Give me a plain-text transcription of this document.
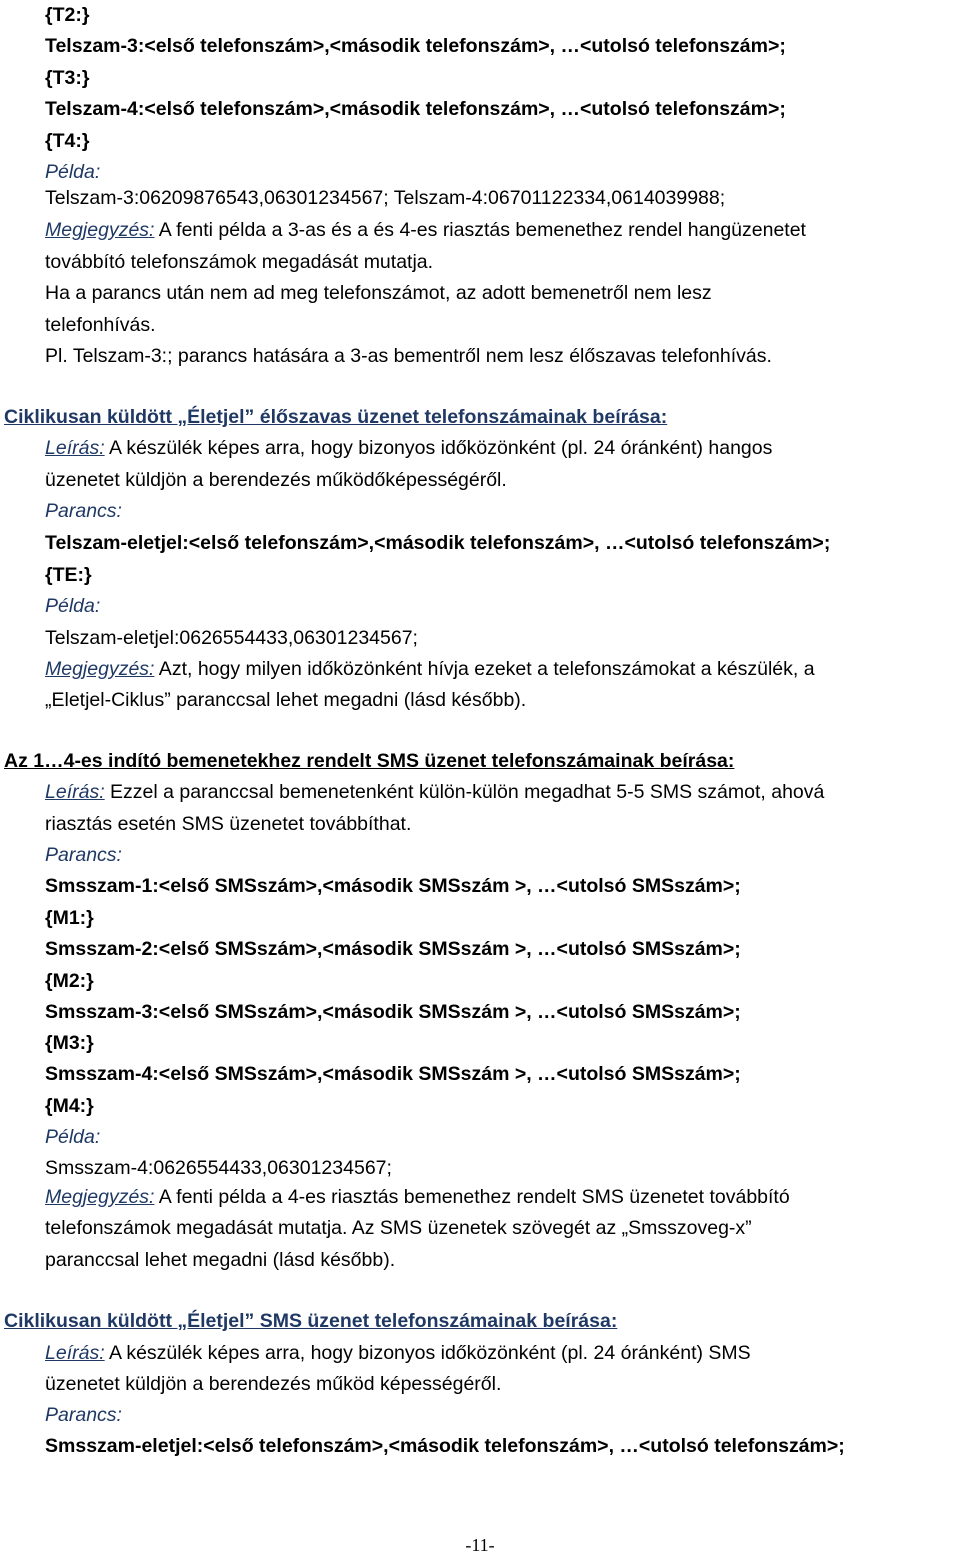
{T2:}
Telszam-3:<első telefonszám>,<második telefonszám>, …<utolsó telefonszám>;
{T3:}
Telszam-4:<első telefonszám>,<második telefonszám>, …<utolsó telefonszám>;
{T4:}
Példa:
Telszam-3:06209876543,06301234567; Telszam-4:06701122334,0614039988;
Megjegyzés: A fenti példa a 3-as és a és 4-es riasztás bemenethez rendel hangüzenetet
továbbító telefonszámok megadását mutatja.
Ha a parancs után nem ad meg telefonszámot, az adott bemenetről nem lesz
telefonhívás.
Pl. Telszam-3:; parancs hatására a 3-as bementről nem lesz élőszavas telefonhívás.
Ciklikusan küldött „Életjel” élőszavas üzenet telefonszámainak beírása:
Leírás: A készülék képes arra, hogy bizonyos időközönként (pl. 24 óránként) hangos
üzenetet küldjön a berendezés működőképességéről.
Parancs:
Telszam-eletjel:<első telefonszám>,<második telefonszám>, …<utolsó telefonszám>;
{TE:}
Példa:
Telszam-eletjel:0626554433,06301234567;
Megjegyzés: Azt, hogy milyen időközönként hívja ezeket a telefonszámokat a készülék, a
„Eletjel-Ciklus” paranccsal lehet megadni (lásd később).
Az 1…4-es indító bemenetekhez rendelt SMS üzenet telefonszámainak beírása:
Leírás: Ezzel a paranccsal bemenetenként külön-külön megadhat 5-5 SMS számot, ahová
riasztás esetén SMS üzenetet továbbíthat.
Parancs:
Smsszam-1:<első SMSszám>,<második SMSszám >, …<utolsó SMSszám>;
{M1:}
Smsszam-2:<első SMSszám>,<második SMSszám >, …<utolsó SMSszám>;
{M2:}
Smsszam-3:<első SMSszám>,<második SMSszám >, …<utolsó SMSszám>;
{M3:}
Smsszam-4:<első SMSszám>,<második SMSszám >, …<utolsó SMSszám>;
{M4:}
Példa:
Smsszam-4:0626554433,06301234567;
Megjegyzés: A fenti példa a 4-es riasztás bemenethez rendelt SMS üzenetet továbbító
telefonszámok megadását mutatja. Az SMS üzenetek szövegét az „Smsszoveg-x”
paranccsal lehet megadni (lásd később).
Ciklikusan küldött „Életjel” SMS üzenet telefonszámainak beírása:
Leírás: A készülék képes arra, hogy bizonyos időközönként (pl. 24 óránként) SMS
üzenetet küldjön a berendezés működ képességéről.
Parancs:
Smsszam-eletjel:<első telefonszám>,<második telefonszám>, …<utolsó telefonszám>;
-11-
